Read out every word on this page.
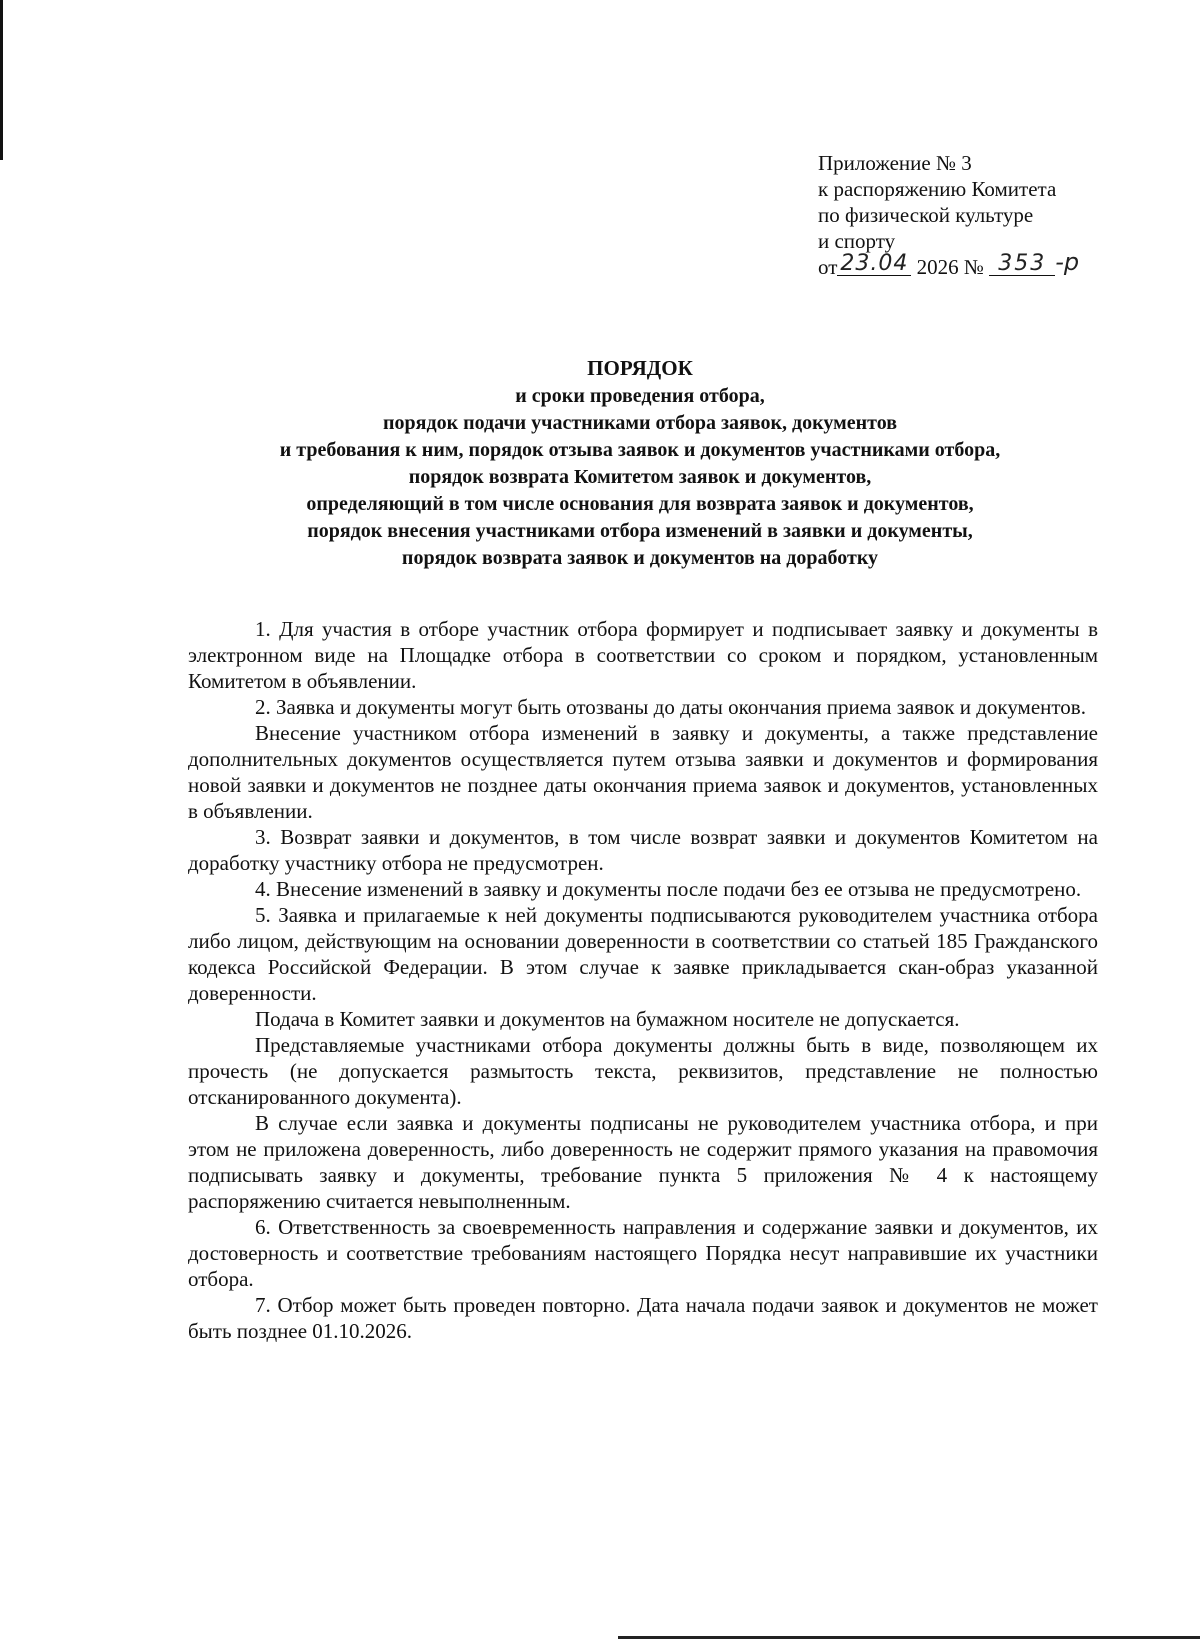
Приложение № 3
к распоряжению Комитета
по физической культуре
и спорту
от 23.04 2026 № 353 -р
ПОРЯДОК
и сроки проведения отбора,
порядок подачи участниками отбора заявок, документов
и требования к ним, порядок отзыва заявок и документов участниками отбора,
порядок возврата Комитетом заявок и документов,
определяющий в том числе основания для возврата заявок и документов,
порядок внесения участниками отбора изменений в заявки и документы,
порядок возврата заявок и документов на доработку

1. Для участия в отборе участник отбора формирует и подписывает заявку и документы в электронном виде на Площадке отбора в соответствии со сроком и порядком, установленным Комитетом в объявлении.

2. Заявка и документы могут быть отозваны до даты окончания приема заявок и документов.

Внесение участником отбора изменений в заявку и документы, а также представление дополнительных документов осуществляется путем отзыва заявки и документов и формирования новой заявки и документов не позднее даты окончания приема заявок и документов, установленных в объявлении.

3. Возврат заявки и документов, в том числе возврат заявки и документов Комитетом на доработку участнику отбора не предусмотрен.

4. Внесение изменений в заявку и документы после подачи без ее отзыва не предусмотрено.

5. Заявка и прилагаемые к ней документы подписываются руководителем участника отбора либо лицом, действующим на основании доверенности в соответствии со статьей 185 Гражданского кодекса Российской Федерации. В этом случае к заявке прикладывается скан-образ указанной доверенности.

Подача в Комитет заявки и документов на бумажном носителе не допускается.

Представляемые участниками отбора документы должны быть в виде, позволяющем их прочесть (не допускается размытость текста, реквизитов, представление не полностью отсканированного документа).

В случае если заявка и документы подписаны не руководителем участника отбора, и при этом не приложена доверенность, либо доверенность не содержит прямого указания на правомочия подписывать заявку и документы, требование пункта 5 приложения № 4 к настоящему распоряжению считается невыполненным.

6. Ответственность за своевременность направления и содержание заявки и документов, их достоверность и соответствие требованиям настоящего Порядка несут направившие их участники отбора.

7. Отбор может быть проведен повторно. Дата начала подачи заявок и документов не может быть позднее 01.10.2026.
